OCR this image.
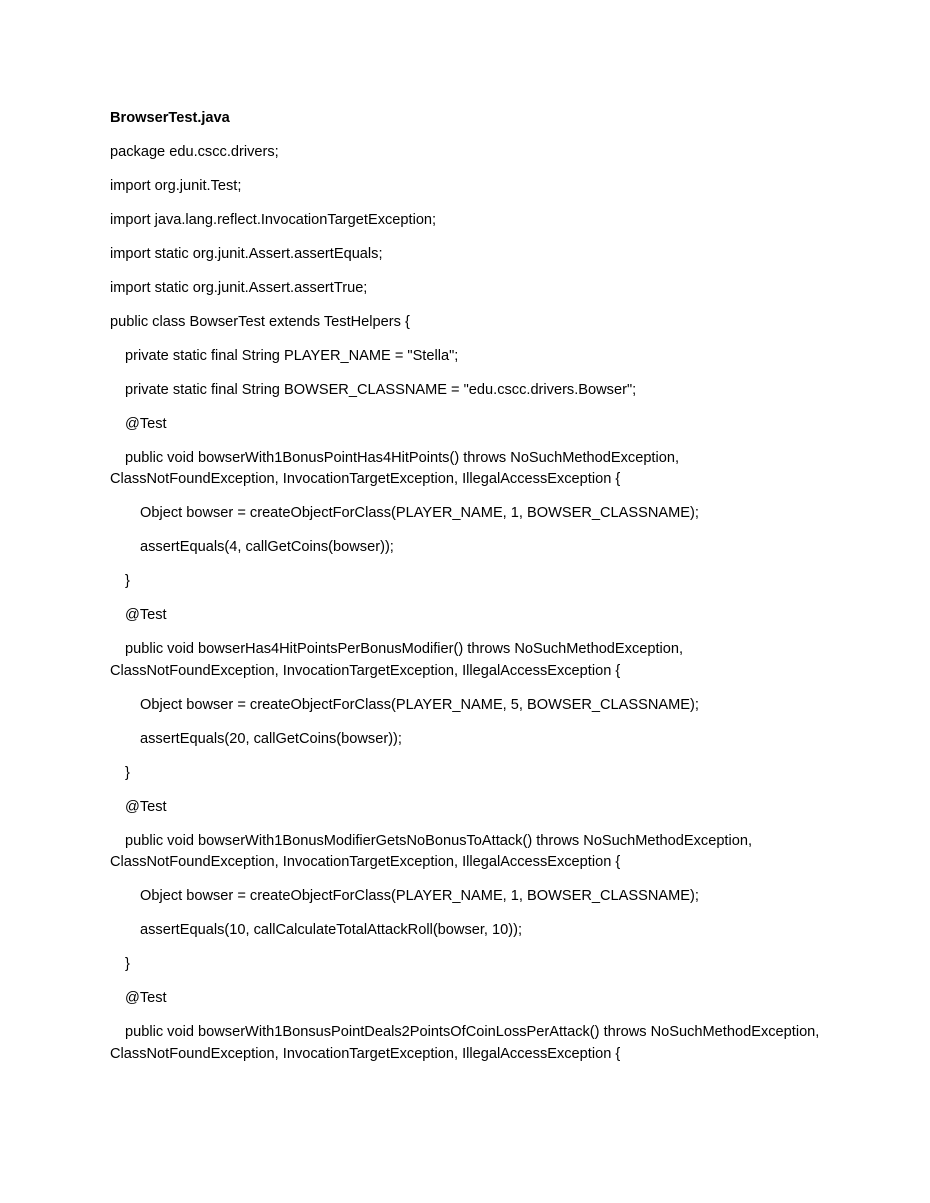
BrowserTest.java
package edu.cscc.drivers;
import org.junit.Test;
import java.lang.reflect.InvocationTargetException;
import static org.junit.Assert.assertEquals;
import static org.junit.Assert.assertTrue;
public class BowserTest extends TestHelpers {
private static final String PLAYER_NAME = "Stella";
private static final String BOWSER_CLASSNAME = "edu.cscc.drivers.Bowser";
@Test
public void bowserWith1BonusPointHas4HitPoints() throws NoSuchMethodException, ClassNotFoundException, InvocationTargetException, IllegalAccessException {
Object bowser = createObjectForClass(PLAYER_NAME, 1, BOWSER_CLASSNAME);
assertEquals(4, callGetCoins(bowser));
}
@Test
public void bowserHas4HitPointsPerBonusModifier() throws NoSuchMethodException, ClassNotFoundException, InvocationTargetException, IllegalAccessException {
Object bowser = createObjectForClass(PLAYER_NAME, 5, BOWSER_CLASSNAME);
assertEquals(20, callGetCoins(bowser));
}
@Test
public void bowserWith1BonusModifierGetsNoBonusToAttack() throws NoSuchMethodException, ClassNotFoundException, InvocationTargetException, IllegalAccessException {
Object bowser = createObjectForClass(PLAYER_NAME, 1, BOWSER_CLASSNAME);
assertEquals(10, callCalculateTotalAttackRoll(bowser, 10));
}
@Test
public void bowserWith1BonsusPointDeals2PointsOfCoinLossPerAttack() throws NoSuchMethodException, ClassNotFoundException, InvocationTargetException, IllegalAccessException {
